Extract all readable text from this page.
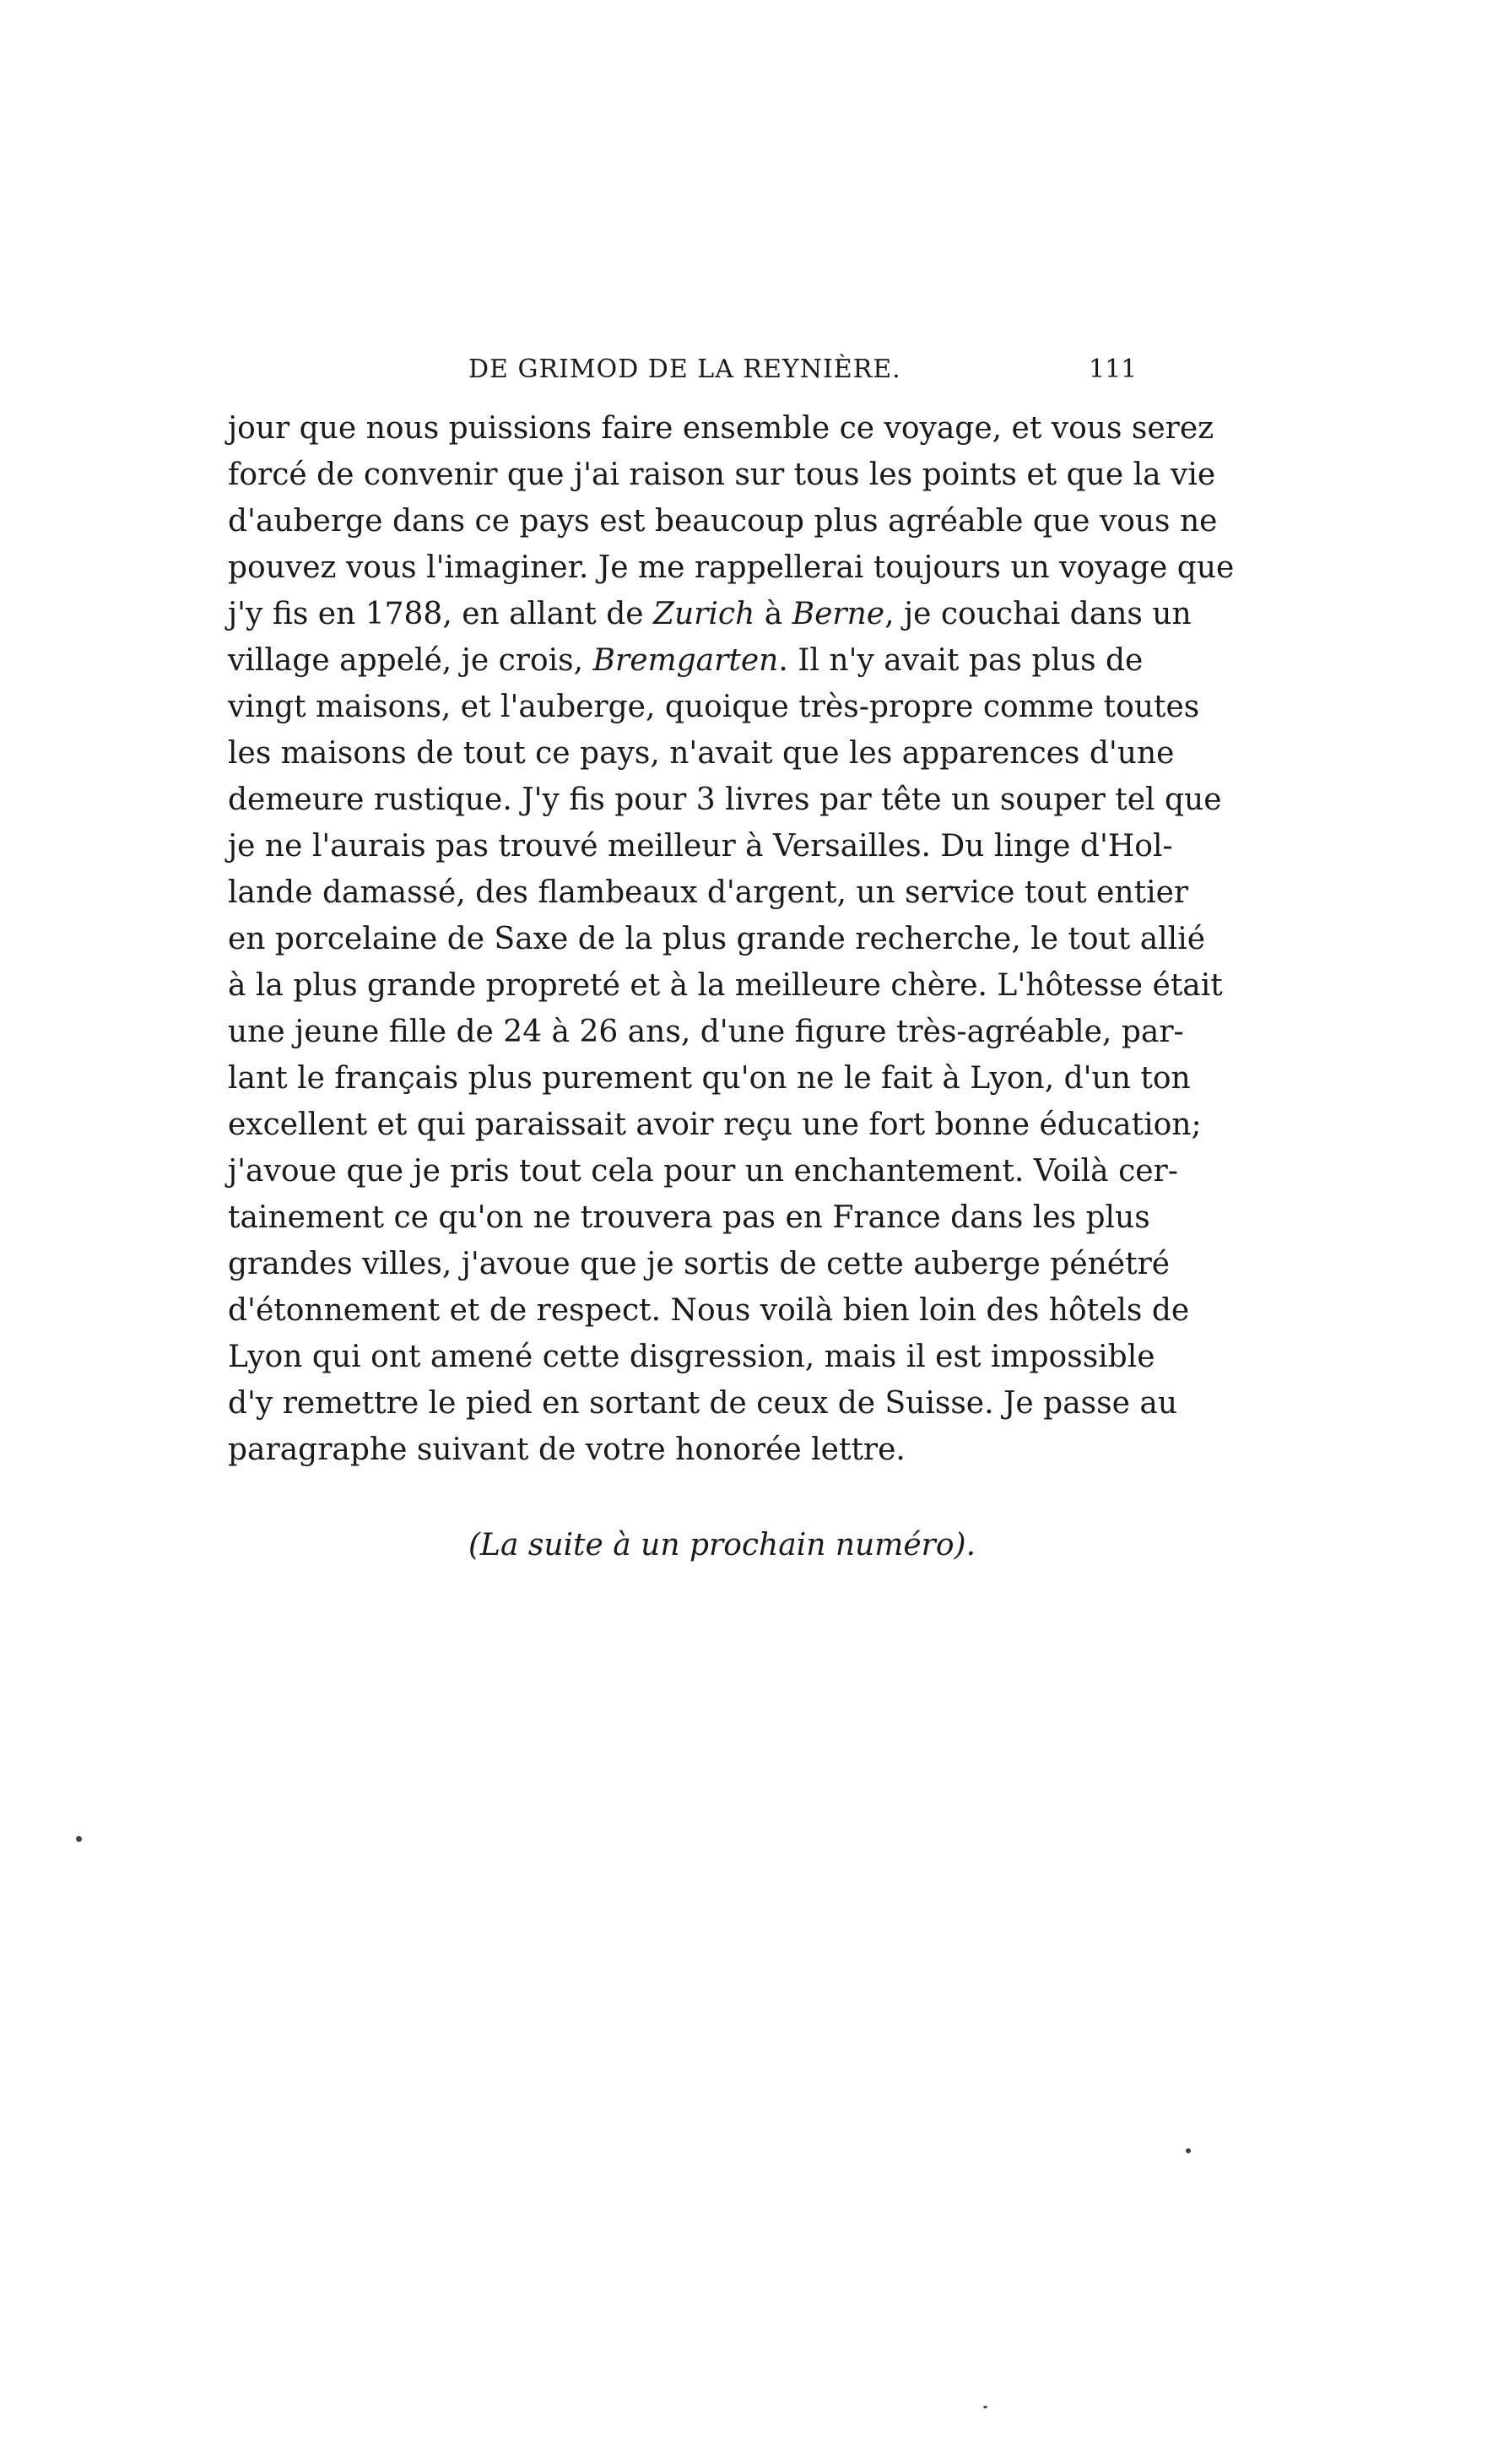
DE GRIMOD DE LA REYNIÈRE.	111
jour que nous puissions faire ensemble ce voyage, et vous serez
forcé de convenir que j'ai raison sur tous les points et que la vie
d'auberge dans ce pays est beaucoup plus agréable que vous ne
pouvez vous l'imaginer. Je me rappellerai toujours un voyage que
j'y fis en 1788, en allant de Zurich à Berne, je couchai dans un
village appelé, je crois, Bremgarten. Il n'y avait pas plus de
vingt maisons, et l'auberge, quoique très-propre comme toutes
les maisons de tout ce pays, n'avait que les apparences d'une
demeure rustique. J'y fis pour 3 livres par tête un souper tel que
je ne l'aurais pas trouvé meilleur à Versailles. Du linge d'Hol-
lande damassé, des flambeaux d'argent, un service tout entier
en porcelaine de Saxe de la plus grande recherche, le tout allié
à la plus grande propreté et à la meilleure chère. L'hôtesse était
une jeune fille de 24 à 26 ans, d'une figure très-agréable, par-
lant le français plus purement qu'on ne le fait à Lyon, d'un ton
excellent et qui paraissait avoir reçu une fort bonne éducation;
j'avoue que je pris tout cela pour un enchantement. Voilà cer-
tainement ce qu'on ne trouvera pas en France dans les plus
grandes villes, j'avoue que je sortis de cette auberge pénétré
d'étonnement et de respect. Nous voilà bien loin des hôtels de
Lyon qui ont amené cette disgression, mais il est impossible
d'y remettre le pied en sortant de ceux de Suisse. Je passe au
paragraphe suivant de votre honorée lettre.
(La suite à un prochain numéro).
